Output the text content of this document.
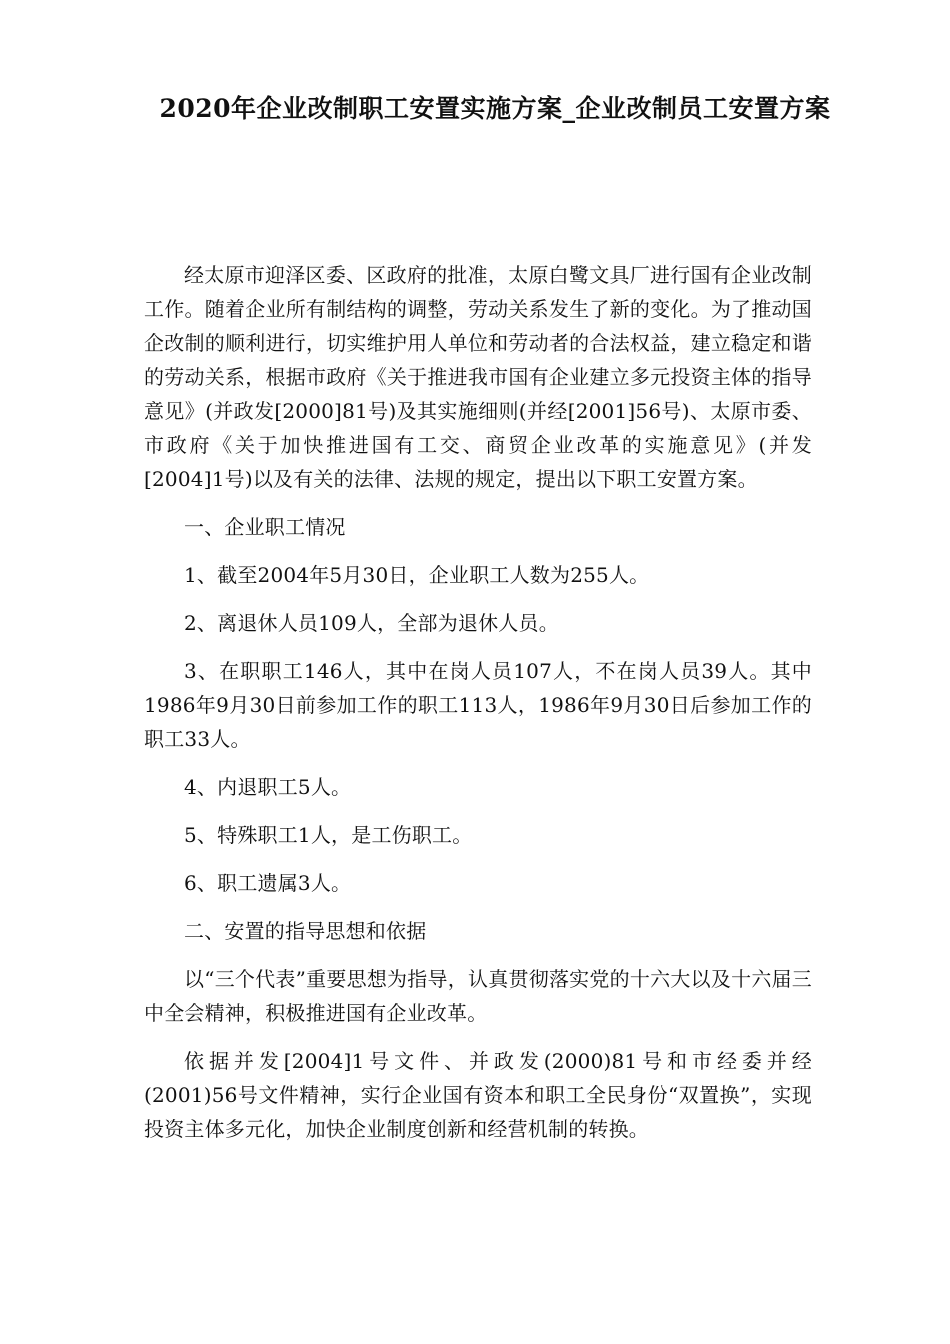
2020年企业改制职工安置实施方案_企业改制员工安置方案

经太原市迎泽区委、区政府的批准，太原白鹭文具厂进行国有企业改制工作。随着企业所有制结构的调整，劳动关系发生了新的变化。为了推动国企改制的顺利进行，切实维护用人单位和劳动者的合法权益，建立稳定和谐的劳动关系，根据市政府《关于推进我市国有企业建立多元投资主体的指导意见》(并政发[2000]81号)及其实施细则(并经[2001]56号)、太原市委、市政府《关于加快推进国有工交、商贸企业改革的实施意见》(并发[2004]1号)以及有关的法律、法规的规定，提出以下职工安置方案。

一、企业职工情况

1、截至2004年5月30日，企业职工人数为255人。

2、离退休人员109人，全部为退休人员。

3、在职职工146人，其中在岗人员107人，不在岗人员39人。其中1986年9月30日前参加工作的职工113人，1986年9月30日后参加工作的职工33人。

4、内退职工5人。

5、特殊职工1人，是工伤职工。

6、职工遗属3人。

二、安置的指导思想和依据

以“三个代表”重要思想为指导，认真贯彻落实党的十六大以及十六届三中全会精神，积极推进国有企业改革。

依据并发[2004]1号文件、并政发(2000)81号和市经委并经(2001)56号文件精神，实行企业国有资本和职工全民身份“双置换”，实现投资主体多元化，加快企业制度创新和经营机制的转换。
